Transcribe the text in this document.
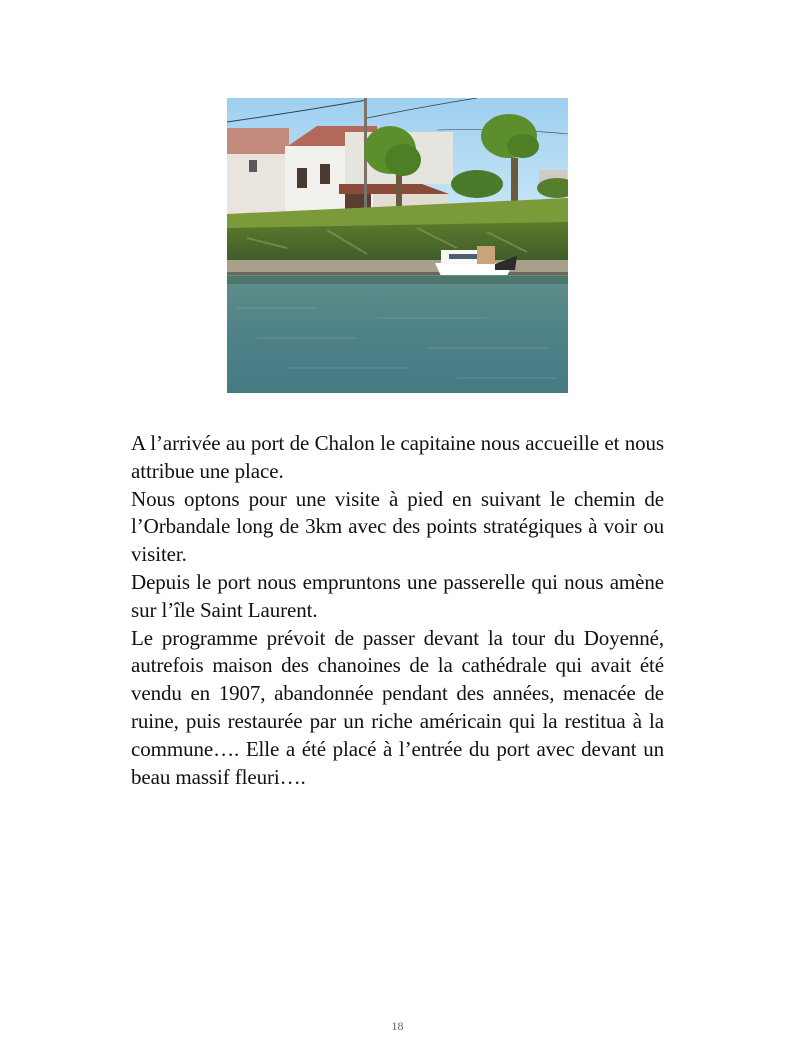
A l’arrivée au port de Chalon le capitaine nous accueille et nous attribue une place.

Nous optons pour une visite à pied en suivant le chemin de l’Orbandale long de 3km avec des points stratégiques à voir ou visiter.

Depuis le port nous empruntons une passerelle qui nous amène sur l’île Saint Laurent.

Le programme prévoit de passer devant la tour du Doyenné, autrefois maison des chanoines de la cathédrale qui avait été vendu en 1907, abandonnée pendant des années, menacée de ruine, puis restaurée par un riche américain qui la restitua à la commune…. Elle a été placé à l’entrée du port avec devant un beau massif fleuri….

18
